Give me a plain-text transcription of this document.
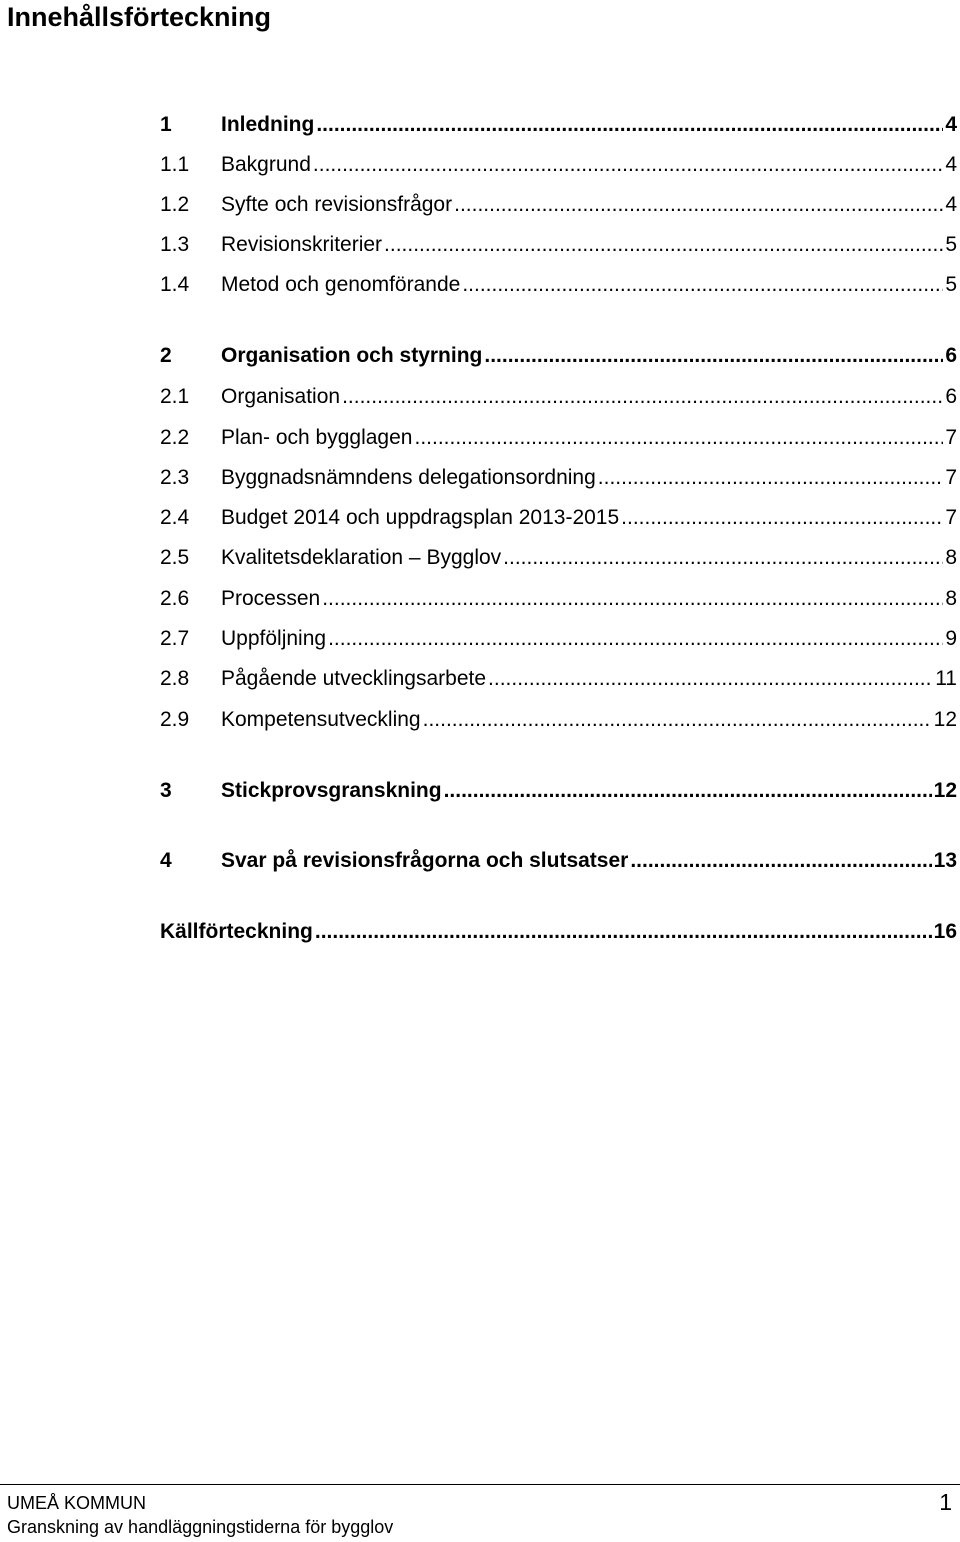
Innehållsförteckning
1	Inledning .....	4
1.1	Bakgrund .....	4
1.2	Syfte och revisionsfrågor .....	4
1.3	Revisionskriterier .....	5
1.4	Metod och genomförande .....	5
2	Organisation och styrning .....	6
2.1	Organisation .....	6
2.2	Plan- och bygglagen .....	7
2.3	Byggnadsnämndens delegationsordning .....	7
2.4	Budget 2014 och uppdragsplan 2013-2015 .....	7
2.5	Kvalitetsdeklaration – Bygglov .....	8
2.6	Processen .....	8
2.7	Uppföljning .....	9
2.8	Pågående utvecklingsarbete .....	11
2.9	Kompetensutveckling .....	12
3	Stickprovsgranskning .....	12
4	Svar på revisionsfrågorna och slutsatser .....	13
Källförteckning .....	16
UMEÅ KOMMUN
Granskning av handläggningstiderna för bygglov
1
